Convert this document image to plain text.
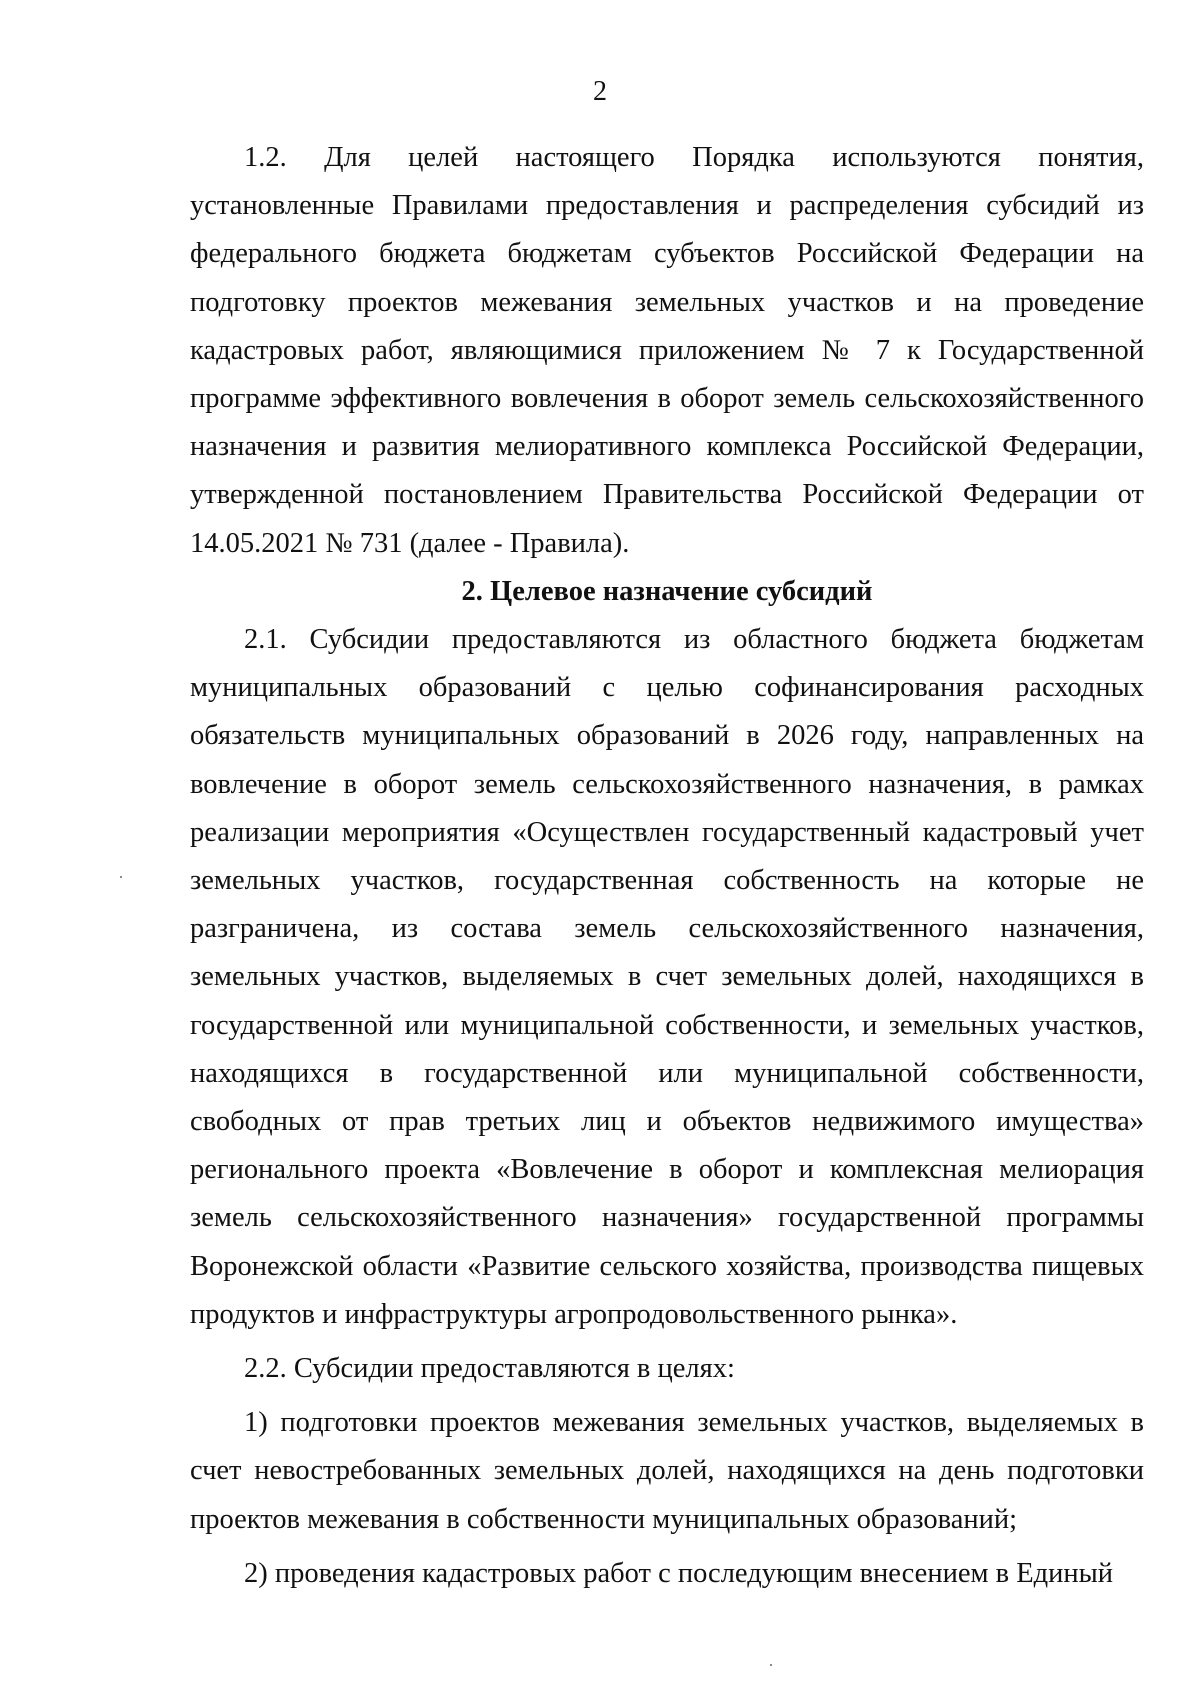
2

1.2. Для целей настоящего Порядка используются понятия, установленные Правилами предоставления и распределения субсидий из федерального бюджета бюджетам субъектов Российской Федерации на подготовку проектов межевания земельных участков и на проведение кадастровых работ, являющимися приложением № 7 к Государственной программе эффективного вовлечения в оборот земель сельскохозяйственного назначения и развития мелиоративного комплекса Российской Федерации, утвержденной постановлением Правительства Российской Федерации от 14.05.2021 № 731 (далее - Правила).

2. Целевое назначение субсидий

2.1. Субсидии предоставляются из областного бюджета бюджетам муниципальных образований с целью софинансирования расходных обязательств муниципальных образований в 2026 году, направленных на вовлечение в оборот земель сельскохозяйственного назначения, в рамках реализации мероприятия «Осуществлен государственный кадастровый учет земельных участков, государственная собственность на которые не разграничена, из состава земель сельскохозяйственного назначения, земельных участков, выделяемых в счет земельных долей, находящихся в государственной или муниципальной собственности, и земельных участков, находящихся в государственной или муниципальной собственности, свободных от прав третьих лиц и объектов недвижимого имущества» регионального проекта «Вовлечение в оборот и комплексная мелиорация земель сельскохозяйственного назначения» государственной программы Воронежской области «Развитие сельского хозяйства, производства пищевых продуктов и инфраструктуры агропродовольственного рынка».

2.2. Субсидии предоставляются в целях:

1) подготовки проектов межевания земельных участков, выделяемых в счет невостребованных земельных долей, находящихся на день подготовки проектов межевания в собственности муниципальных образований;

2) проведения кадастровых работ с последующим внесением в Единый
